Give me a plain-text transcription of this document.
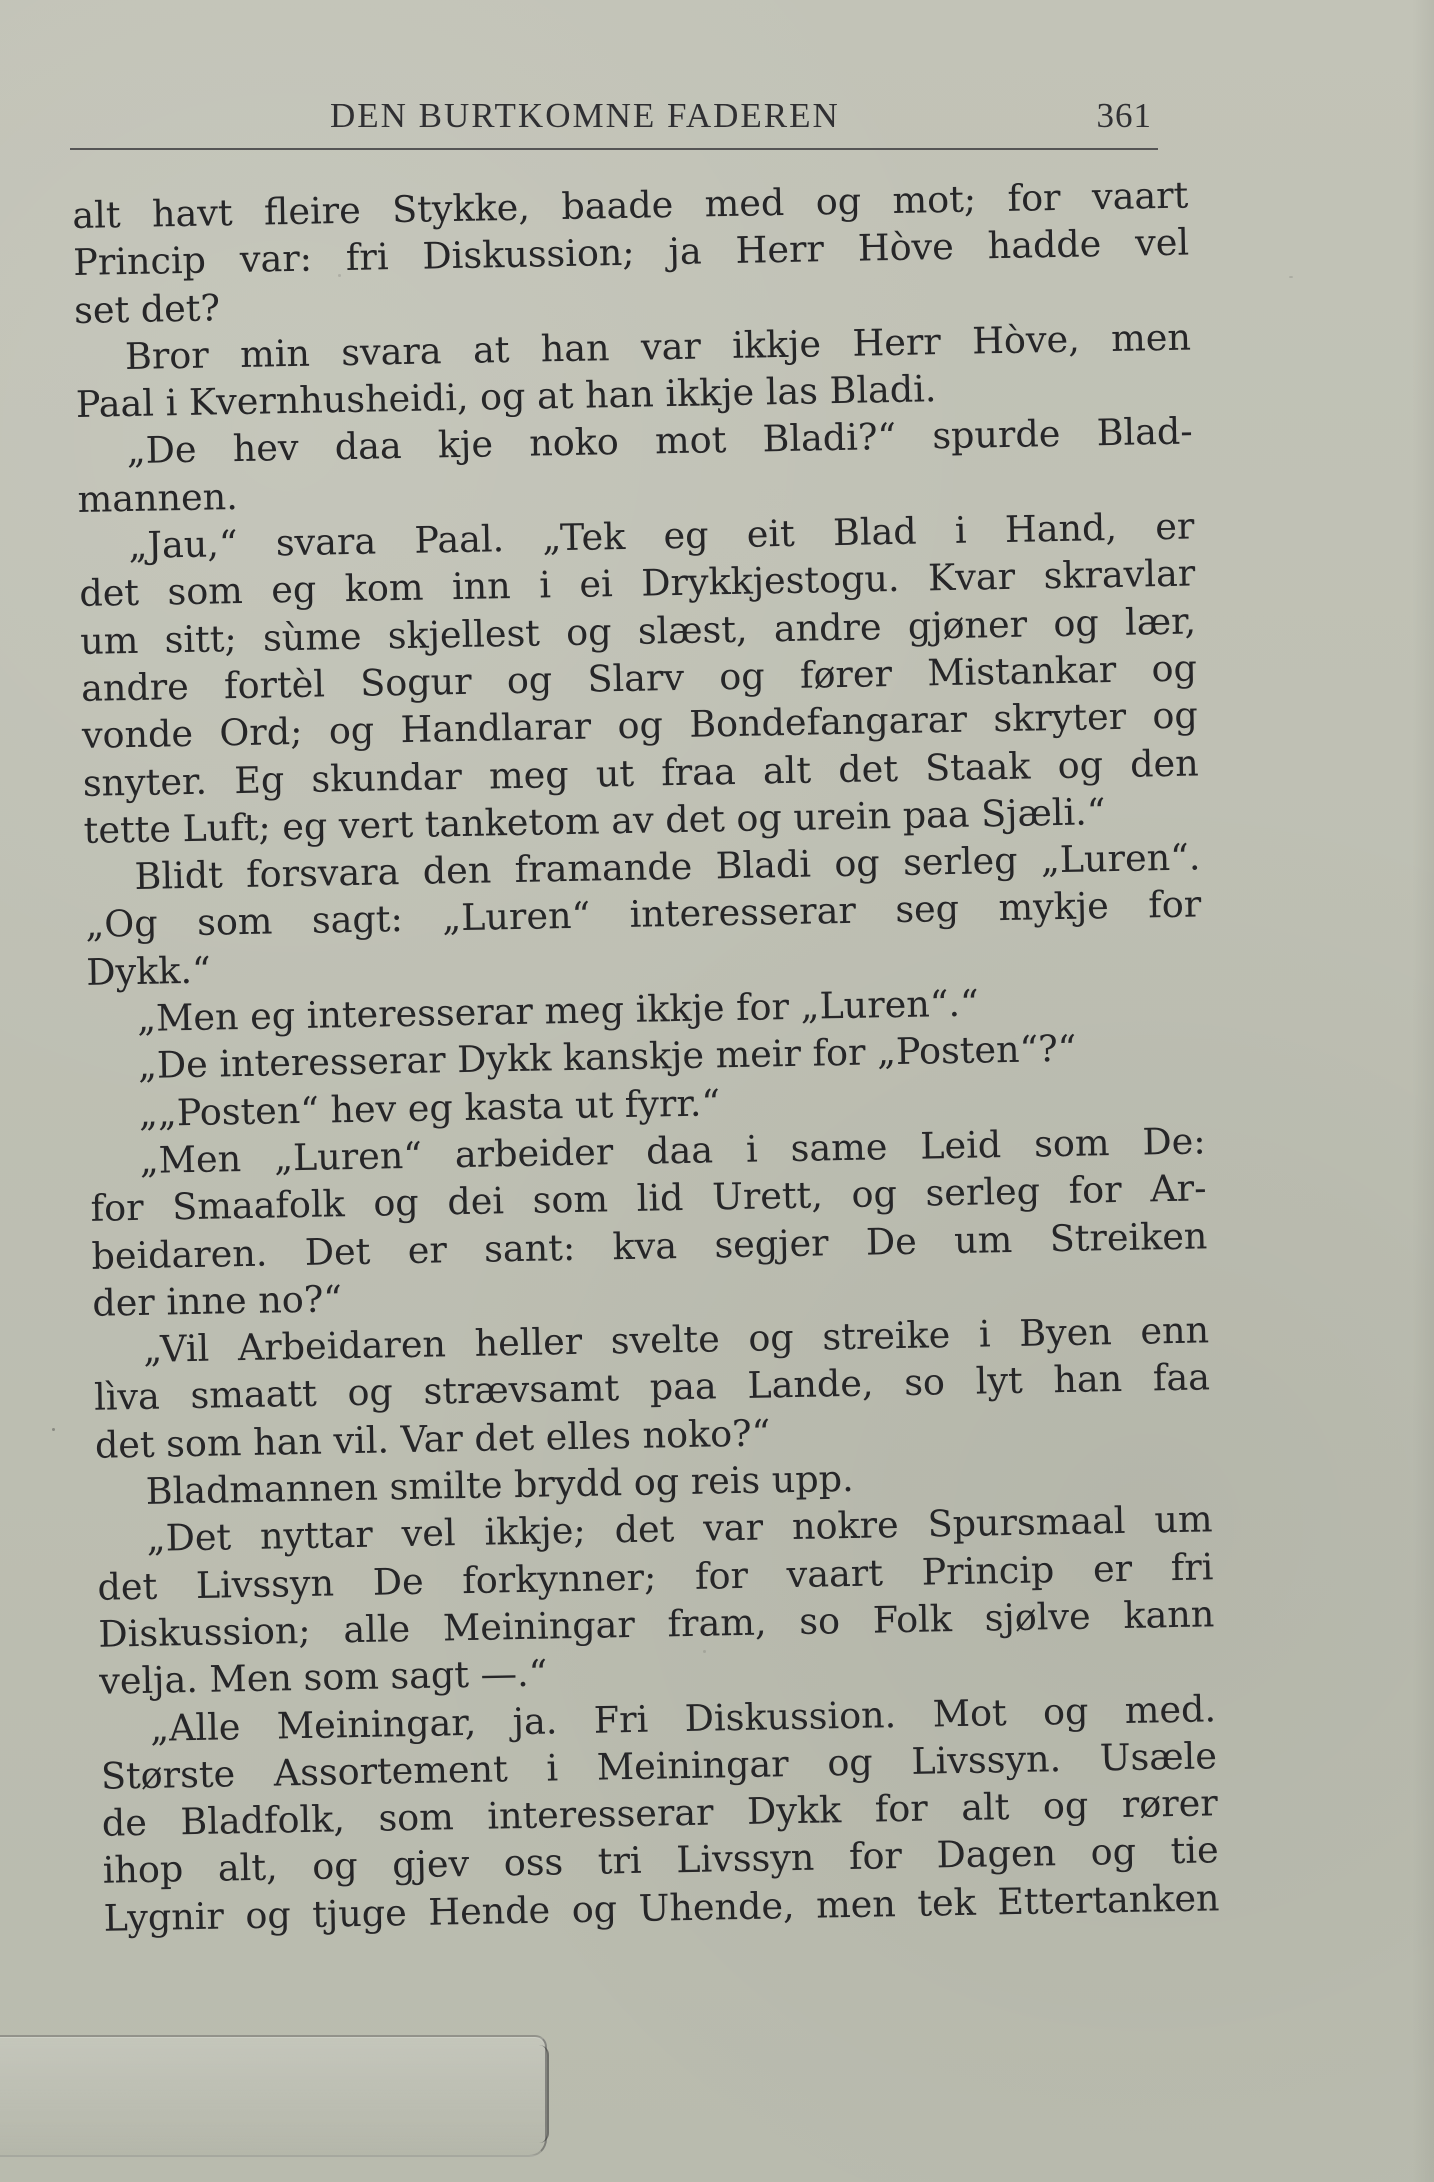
DEN BURTKOMNE FADEREN	361
alt havt fleire Stykke, baade med og mot; for vaart
Princip var: fri Diskussion; ja Herr Hòve hadde vel
set det?
Bror min svara at han var ikkje Herr Hòve, men
Paal i Kvernhusheidi, og at han ikkje las Bladi.
„De hev daa kje noko mot Bladi?“ spurde Blad-
mannen.
„Jau,“ svara Paal. „Tek eg eit Blad i Hand, er
det som eg kom inn i ei Drykkjestogu. Kvar skravlar
um sitt; sùme skjellest og slæst, andre gjøner og lær,
andre fortèl Sogur og Slarv og fører Mistankar og
vonde Ord; og Handlarar og Bondefangarar skryter og
snyter. Eg skundar meg ut fraa alt det Staak og den
tette Luft; eg vert tanketom av det og urein paa Sjæli.“
Blidt forsvara den framande Bladi og serleg „Luren“.
„Og som sagt: „Luren“ interesserar seg mykje for
Dykk.“
„Men eg interesserar meg ikkje for „Luren“.“
„De interesserar Dykk kanskje meir for „Posten“?“
„„Posten“ hev eg kasta ut fyrr.“
„Men „Luren“ arbeider daa i same Leid som De:
for Smaafolk og dei som lid Urett, og serleg for Ar-
beidaren. Det er sant: kva segjer De um Streiken
der inne no?“
„Vil Arbeidaren heller svelte og streike i Byen enn
lìva smaatt og strævsamt paa Lande, so lyt han faa
det som han vil. Var det elles noko?“
Bladmannen smilte brydd og reis upp.
„Det nyttar vel ikkje; det var nokre Spursmaal um
det Livssyn De forkynner; for vaart Princip er fri
Diskussion; alle Meiningar fram, so Folk sjølve kann
velja. Men som sagt —.“
„Alle Meiningar, ja. Fri Diskussion. Mot og med.
Største Assortement i Meiningar og Livssyn. Usæle
de Bladfolk, som interesserar Dykk for alt og rører
ihop alt, og gjev oss tri Livssyn for Dagen og tie
Lygnir og tjuge Hende og Uhende, men tek Ettertanken
